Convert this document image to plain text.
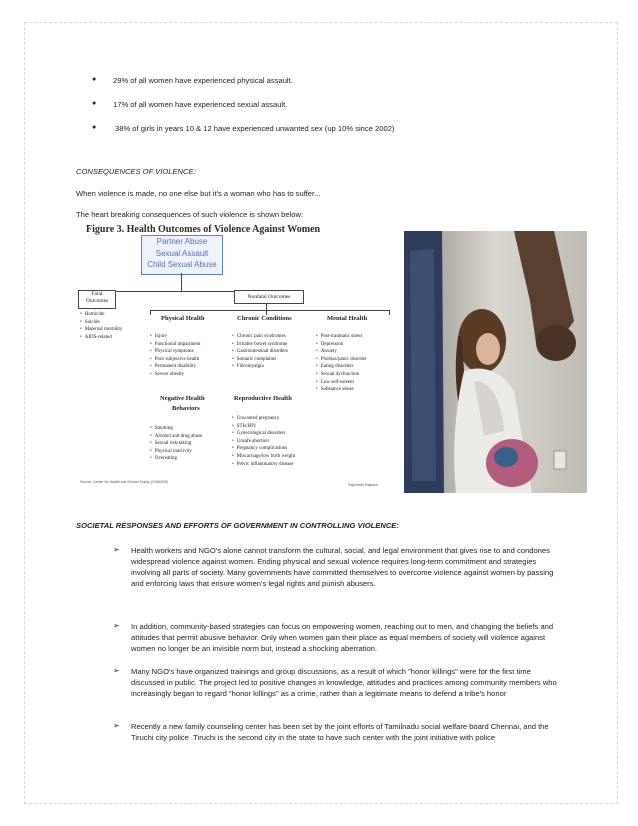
● 29% of all women have experienced physical assault.
● 17% of all women have experienced sexual assault.
● 38% of girls in years 10 & 12 have experienced unwanted sex (up 10% since 2002)
CONSEQUENCES OF VIOLENCE:
When violence is made, no one else but it's a woman who has to suffer...
The heart breaking consequences of such violence is shown below:
Figure 3. Health Outcomes of Violence Against Women
Partner Abuse
Sexual Assault
Child Sexual Abuse
Fatal
Outcomes
Nonfatal Outcomes
• Homicide
• Suicide
• Maternal mortality
• AIDS-related
Physical Health
• Injury
• Functional impairment
• Physical symptoms
• Poor subjective health
• Permanent disability
• Severe obesity
Chronic Conditions
• Chronic pain syndromes
• Irritable bowel syndrome
• Gastrointestinal disorders
• Somatic complaints
• Fibromyalgia
Mental Health
• Post-traumatic stress
• Depression
• Anxiety
• Phobias/panic disorder
• Eating disorders
• Sexual dysfunction
• Low self-esteem
• Substance abuse
Negative Health
Behaviors
• Smoking
• Alcohol and drug abuse
• Sexual risk-taking
• Physical inactivity
• Overeating
Reproductive Health
• Unwanted pregnancy
• STIs/HIV
• Gynecological disorders
• Unsafe abortion
• Pregnancy complications
• Miscarriage/low birth weight
• Pelvic inflammatory disease
Source: Center for Health and Gender Equity (CHANGE)
Pajeshstin Rajkishr
SOCIETAL RESPONSES AND EFFORTS OF GOVERNMENT IN CONTROLLING VIOLENCE:
➢ Health workers and NGO's alone cannot transform the cultural, social, and legal environment that gives rise to and condones widespread violence against women. Ending physical and sexual violence requires long-term commitment and strategies involving all parts of society. Many governments have committed themselves to overcome violence against women by passing and enforcing laws that ensure women's legal rights and punish abusers.
➢ In addition, community-based strategies can focus on empowering women, reaching out to men, and changing the beliefs and attitudes that permit abusive behavior. Only when women gain their place as equal members of society will violence against women no longer be an invisible norm but, instead a shocking aberration.
➢ Many NGO's have organized trainings and group discussions, as a result of which "honor killings" were for the first time discussed in public. The project led to positive changes in knowledge, attitudes and practices among community members who increasingly began to regard "honor killings" as a crime, rather than a legitimate means to defend a tribe's honor
➢ Recently a new family counseling center has been set by the joint efforts of Tamilnadu social welfare board Chennai, and the Tiruchi city police .Tiruchi is the second city in the state to have such center with the joint initiative with police
